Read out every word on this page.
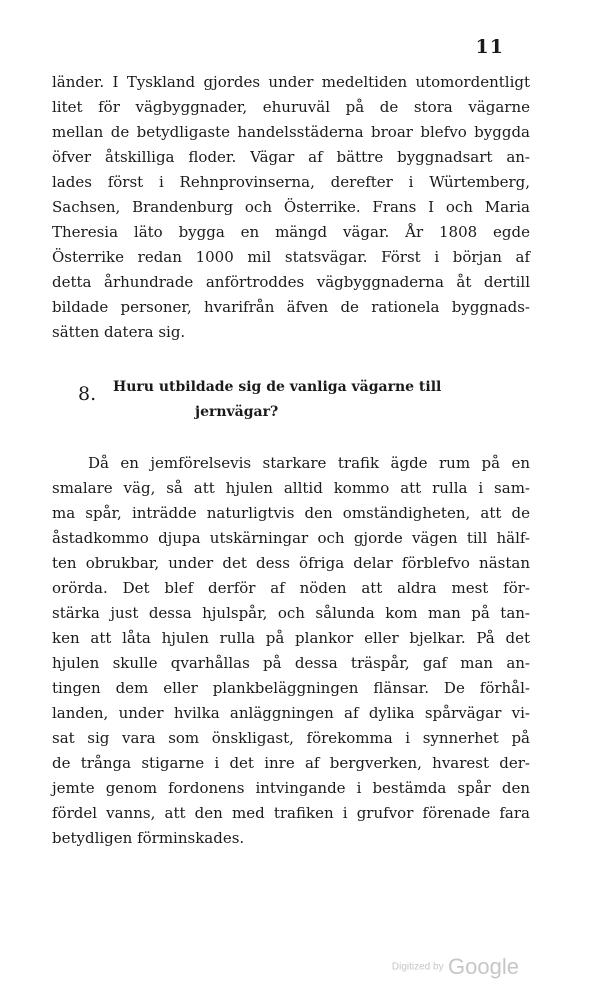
11
länder. I Tyskland gjordes under medeltiden utomordentligt
litet för vägbyggnader, ehuruväl på de stora vägarne
mellan de betydligaste handelsstäderna broar blefvo byggda
öfver åtskilliga floder. Vägar af bättre byggnadsart an-
lades först i Rehnprovinserna, derefter i Würtemberg,
Sachsen, Brandenburg och Österrike. Frans I och Maria
Theresia läto bygga en mängd vägar. År 1808 egde
Österrike redan 1000 mil statsvägar. Först i början af
detta århundrade anförtroddes vägbyggnaderna åt dertill
bildade personer, hvarifrån äfven de rationela byggnads-
sätten datera sig.
8. Huru utbildade sig de vanliga vägarne till
jernvägar?
Då en jemförelsevis starkare trafik ägde rum på en
smalare väg, så att hjulen alltid kommo att rulla i sam-
ma spår, inträdde naturligtvis den omständigheten, att de
åstadkommo djupa utskärningar och gjorde vägen till hälf-
ten obrukbar, under det dess öfriga delar förblefvo nästan
orörda. Det blef derför af nöden att aldra mest för-
stärka just dessa hjulspår, och sålunda kom man på tan-
ken att låta hjulen rulla på plankor eller bjelkar. På det
hjulen skulle qvarhållas på dessa träspår, gaf man an-
tingen dem eller plankbeläggningen flänsar. De förhål-
landen, under hvilka anläggningen af dylika spårvägar vi-
sat sig vara som önskligast, förekomma i synnerhet på
de trånga stigarne i det inre af bergverken, hvarest der-
jemte genom fordonens intvingande i bestämda spår den
fördel vanns, att den med trafiken i grufvor förenade fara
betydligen förminskades.
Digitized by Google
